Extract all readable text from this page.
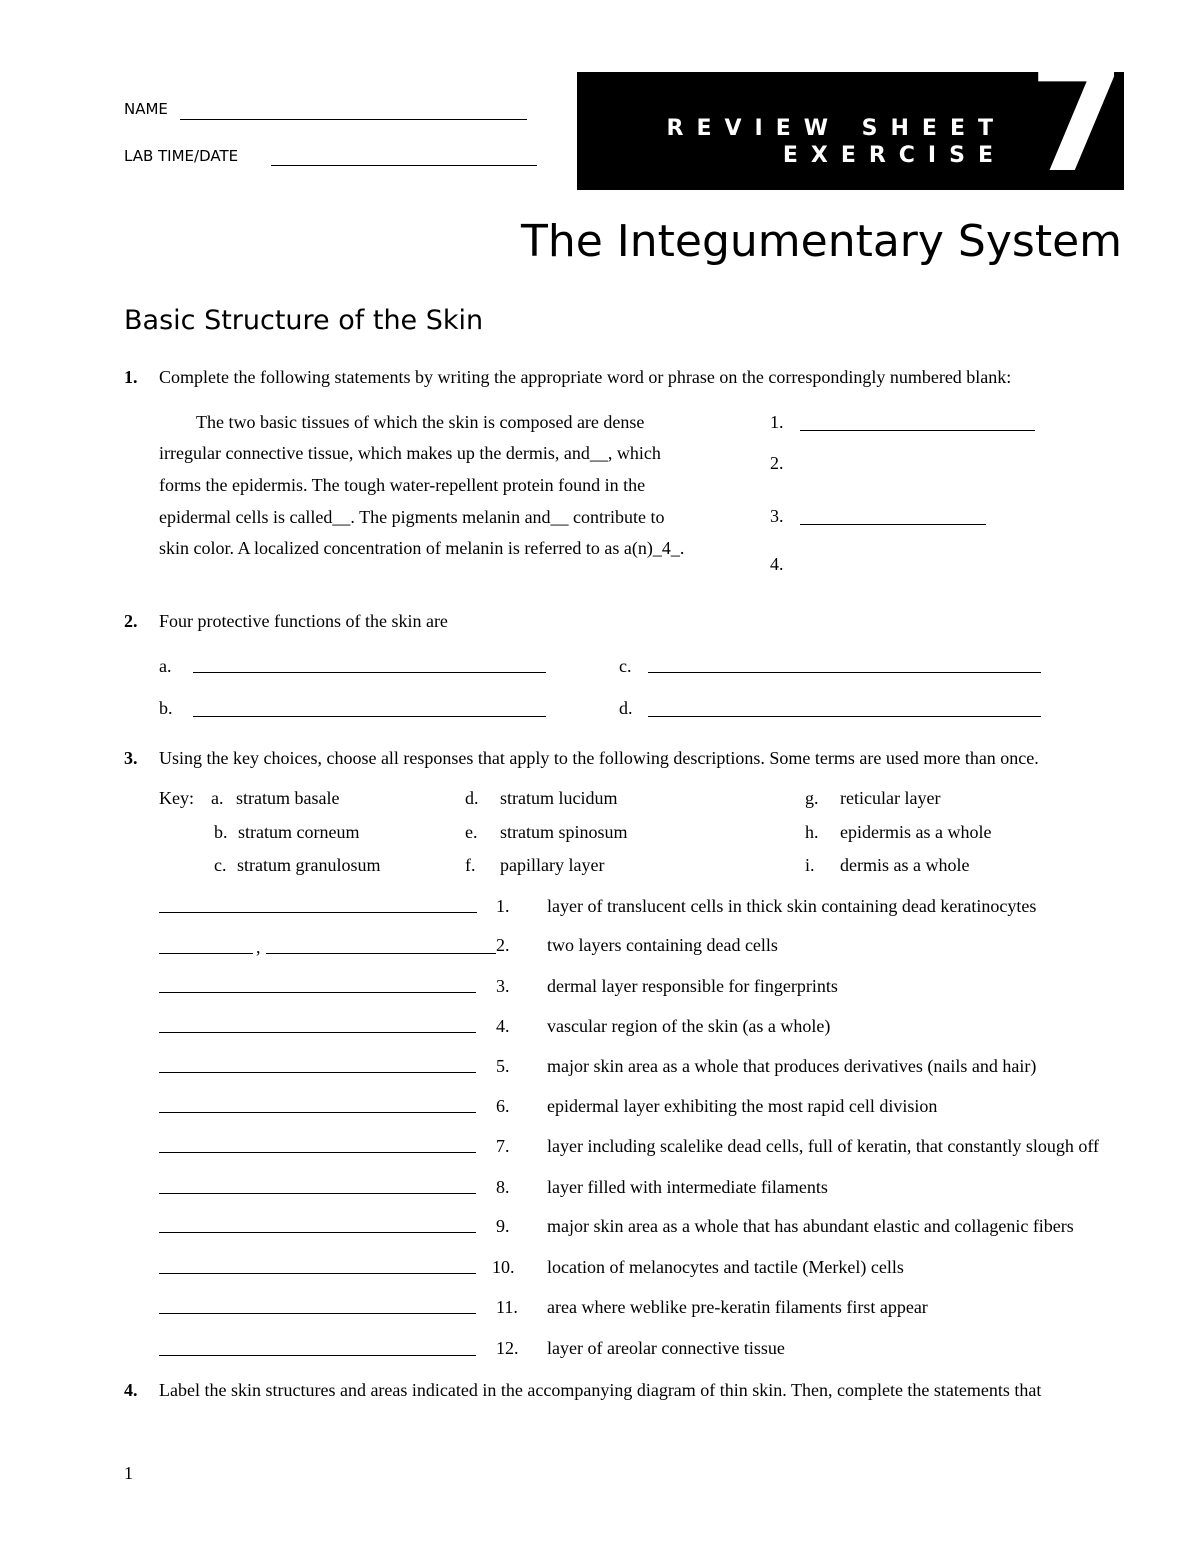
NAME
LAB TIME/DATE
REVIEW SHEET
EXERCISE 7
The Integumentary System
Basic Structure of the Skin
1. Complete the following statements by writing the appropriate word or phrase on the correspondingly numbered blank:
The two basic tissues of which the skin is composed are dense
irregular connective tissue, which makes up the dermis, and__, which
forms the epidermis. The tough water-repellent protein found in the
epidermal cells is called__. The pigments melanin and__ contribute to
skin color. A localized concentration of melanin is referred to as a(n)_4_.
1.
2.
3.
4.
2. Four protective functions of the skin are
a.
b.
c.
d.
3. Using the key choices, choose all responses that apply to the following descriptions. Some terms are used more than once.
Key: a. stratum basale
b. stratum corneum
c. stratum granulosum
d. stratum lucidum
e. stratum spinosum
f. papillary layer
g. reticular layer
h. epidermis as a whole
i. dermis as a whole
1. layer of translucent cells in thick skin containing dead keratinocytes
,	2. two layers containing dead cells
3. dermal layer responsible for fingerprints
4. vascular region of the skin (as a whole)
5. major skin area as a whole that produces derivatives (nails and hair)
6. epidermal layer exhibiting the most rapid cell division
7. layer including scalelike dead cells, full of keratin, that constantly slough off
8. layer filled with intermediate filaments
9. major skin area as a whole that has abundant elastic and collagenic fibers
10. location of melanocytes and tactile (Merkel) cells
11. area where weblike pre-keratin filaments first appear
12. layer of areolar connective tissue
4. Label the skin structures and areas indicated in the accompanying diagram of thin skin. Then, complete the statements that
1
